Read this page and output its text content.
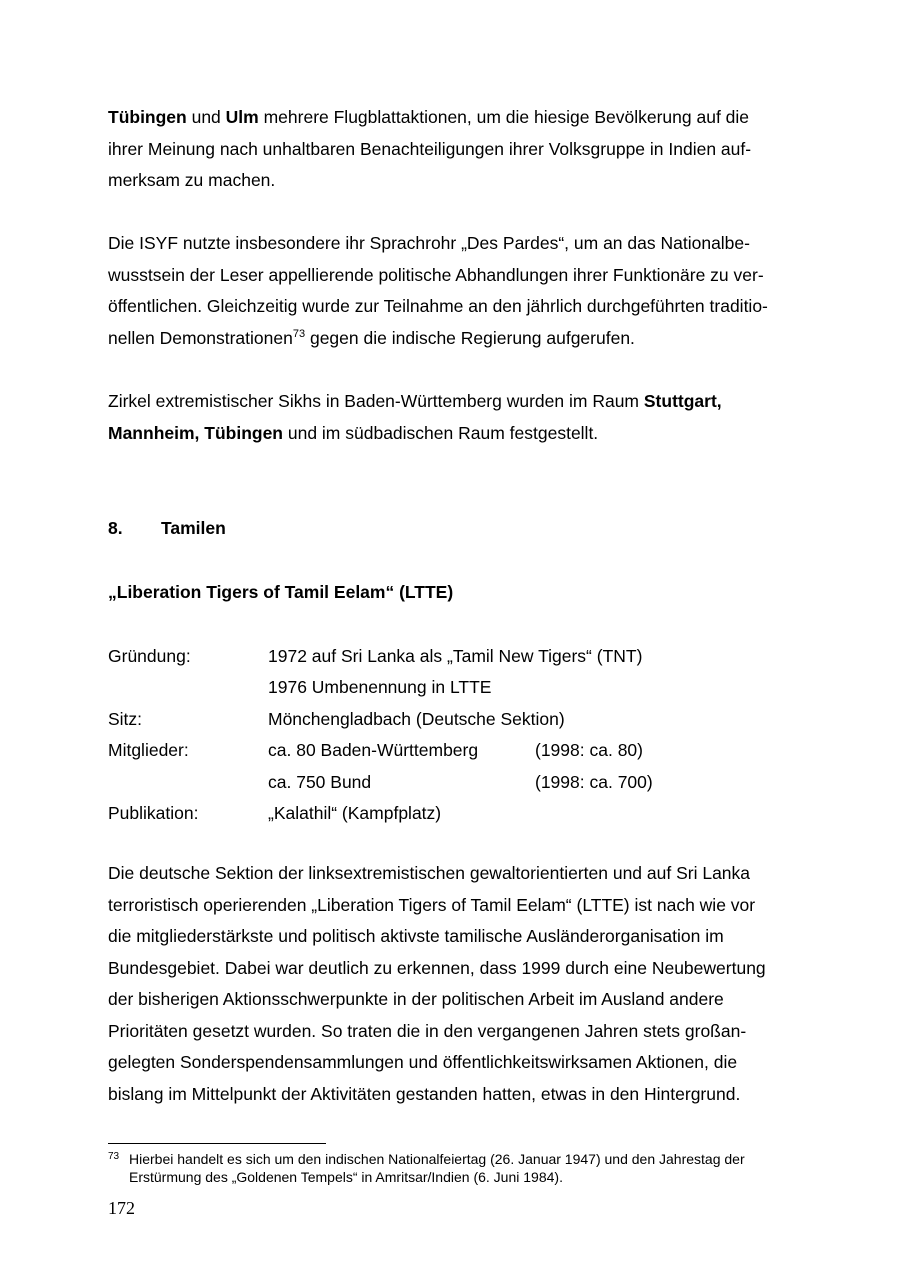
Tübingen und Ulm mehrere Flugblattaktionen, um die hiesige Bevölkerung auf die
ihrer Meinung nach unhaltbaren Benachteiligungen ihrer Volksgruppe in Indien auf-
merksam zu machen.
Die ISYF nutzte insbesondere ihr Sprachrohr „Des Pardes“, um an das Nationalbe-
wusstsein der Leser appellierende politische Abhandlungen ihrer Funktionäre zu ver-
öffentlichen. Gleichzeitig wurde zur Teilnahme an den jährlich durchgeführten traditio-
nellen Demonstrationen$^{73}$ gegen die indische Regierung aufgerufen.
Zirkel extremistischer Sikhs in Baden-Württemberg wurden im Raum Stuttgart,
Mannheim, Tübingen und im südbadischen Raum festgestellt.
8. Tamilen
„Liberation Tigers of Tamil Eelam“ (LTTE)
Gründung:	1972 auf Sri Lanka als „Tamil New Tigers“ (TNT)
1976 Umbenennung in LTTE
Sitz:	Mönchengladbach (Deutsche Sektion)
Mitglieder:	ca. 80 Baden-Württemberg	(1998: ca. 80)
ca. 750 Bund	(1998: ca. 700)
Publikation:	„Kalathil“ (Kampfplatz)
Die deutsche Sektion der linksextremistischen gewaltorientierten und auf Sri Lanka
terroristisch operierenden „Liberation Tigers of Tamil Eelam“ (LTTE) ist nach wie vor
die mitgliederstärkste und politisch aktivste tamilische Ausländerorganisation im
Bundesgebiet. Dabei war deutlich zu erkennen, dass 1999 durch eine Neubewertung
der bisherigen Aktionsschwerpunkte in der politischen Arbeit im Ausland andere
Prioritäten gesetzt wurden. So traten die in den vergangenen Jahren stets großan-
gelegten Sonderspendensammlungen und öffentlichkeitswirksamen Aktionen, die
bislang im Mittelpunkt der Aktivitäten gestanden hatten, etwas in den Hintergrund.
73 Hierbei handelt es sich um den indischen Nationalfeiertag (26. Januar 1947) und den Jahrestag der
Erstürmung des „Goldenen Tempels“ in Amritsar/Indien (6. Juni 1984).
172
